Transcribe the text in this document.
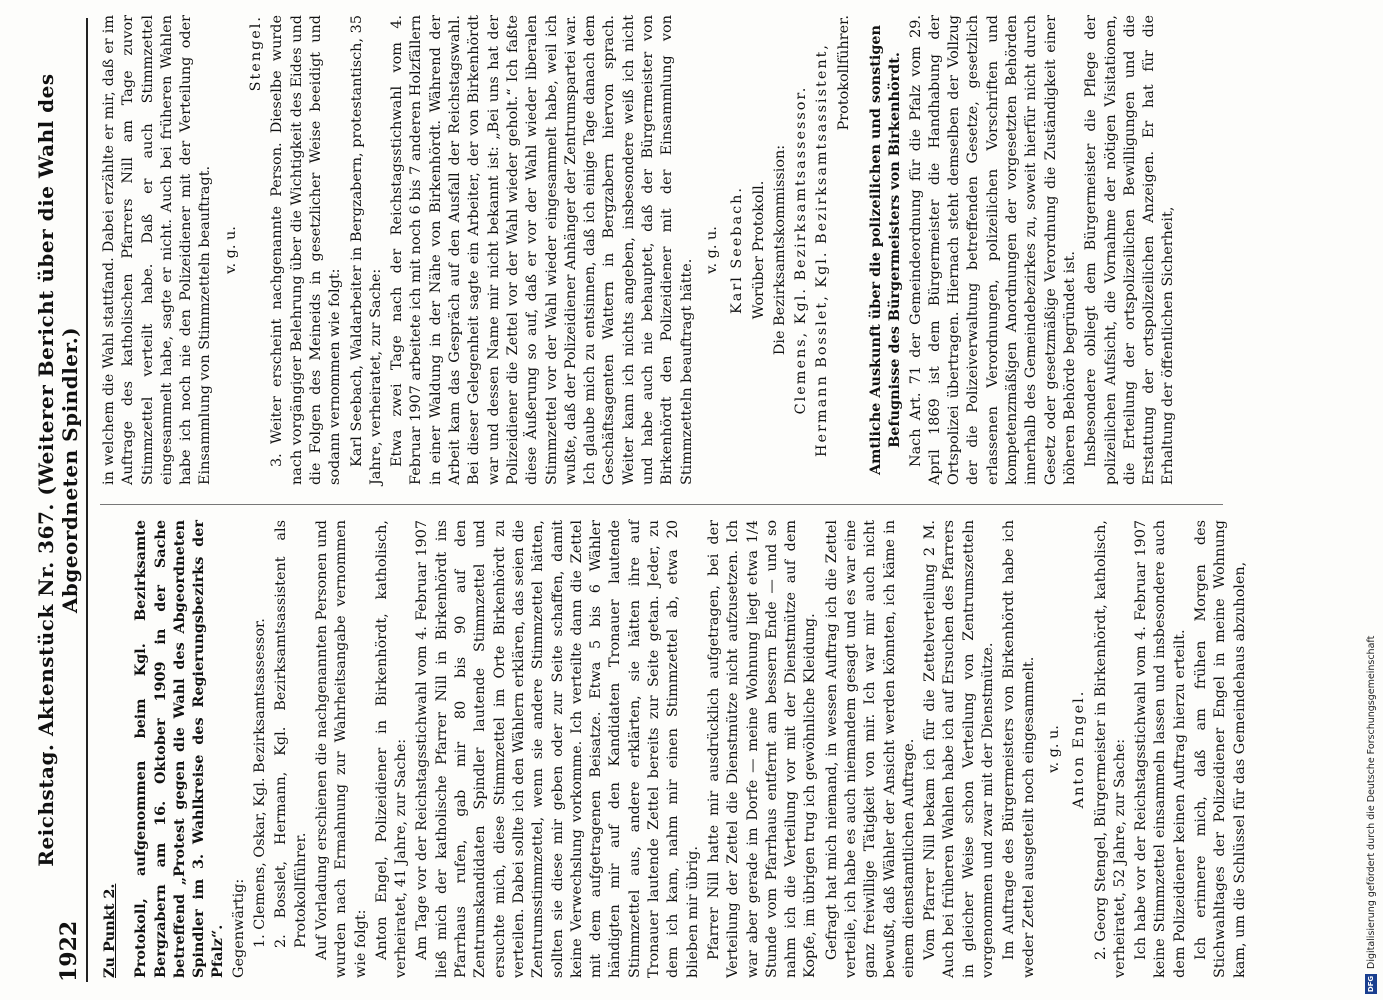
1922
Reichstag. Aktenstück Nr. 367. (Weiterer Bericht über die Wahl des Abgeordneten Spindler.)

Zu Punkt 2. Protokoll, aufgenommen beim Kgl. Bezirksamte Bergzabern am 16. Oktober 1909 in der Sache betreffend „Protest gegen die Wahl des Abgeordneten Spindler im 3. Wahlkreise des Regierungsbezirks der Pfalz“. Gegenwärtig: 1. Clemens, Oskar, Kgl. Bezirksamtsassessor. 2. Bosslet, Hermann, Kgl. Bezirksamtsassistent als Protokollführer. Auf Vorladung erschienen die nachgenannten Personen und wurden nach Ermahnung zur Wahrheitsangabe vernommen wie folgt: Anton Engel, Polizeidiener in Birkenhördt, katholisch, verheiratet, 41 Jahre, zur Sache: Am Tage vor der Reichstagsstichwahl vom 4. Februar 1907 ließ mich der katholische Pfarrer Nill in Birkenhördt ins Pfarrhaus rufen, gab mir 80 bis 90 auf den Zentrumskandidaten Spindler lautende Stimmzettel und ersuchte mich, diese Stimmzettel im Orte Birkenhördt zu verteilen. Dabei sollte ich den Wählern erklären, das seien die Zentrumsstimmzettel, wenn sie andere Stimmzettel hätten, sollten sie diese mir geben oder zur Seite schaffen, damit keine Verwechslung vorkomme. Ich verteilte dann die Zettel mit dem aufgetragenen Beisatze. Etwa 5 bis 6 Wähler händigten mir auf den Kandidaten Tronauer lautende Stimmzettel aus, andere erklärten, sie hätten ihre auf Tronauer lautende Zettel bereits zur Seite getan. Jeder, zu dem ich kam, nahm mir einen Stimmzettel ab, etwa 20 blieben mir übrig. Pfarrer Nill hatte mir ausdrücklich aufgetragen, bei der Verteilung der Zettel die Dienstmütze nicht aufzusetzen. Ich war aber gerade im Dorfe — meine Wohnung liegt etwa 1/4 Stunde vom Pfarrhaus entfernt am bessern Ende — und so nahm ich die Verteilung vor mit der Dienstmütze auf dem Kopfe, im übrigen trug ich gewöhnliche Kleidung. Gefragt hat mich niemand, in wessen Auftrag ich die Zettel verteile, ich habe es auch niemandem gesagt und es war eine ganz freiwillige Tätigkeit von mir. Ich war mir auch nicht bewußt, daß Wähler der Ansicht werden könnten, ich käme in einem dienstamtlichen Auftrage. Vom Pfarrer Nill bekam ich für die Zettelverteilung 2 M. Auch bei früheren Wahlen habe ich auf Ersuchen des Pfarrers in gleicher Weise schon Verteilung von Zentrumszetteln vorgenommen und zwar mit der Dienstmütze. Im Auftrage des Bürgermeisters von Birkenhördt habe ich weder Zettel ausgeteilt noch eingesammelt. v. g. u. Anton Engel. 2. Georg Stengel, Bürgermeister in Birkenhördt, katholisch, verheiratet, 52 Jahre, zur Sache: Ich habe vor der Reichstagsstichwahl vom 4. Februar 1907 keine Stimmzettel einsammeln lassen und insbesondere auch dem Polizeidiener keinen Auftrag hierzu erteilt. Ich erinnere mich, daß am frühen Morgen des Stichwahltages der Polizeidiener Engel in meine Wohnung kam, um die Schlüssel für das Gemeindehaus abzuholen,

in welchem die Wahl stattfand. Dabei erzählte er mir, daß er im Auftrage des katholischen Pfarrers Nill am Tage zuvor Stimmzettel verteilt habe. Daß er auch Stimmzettel eingesammelt habe, sagte er nicht. Auch bei früheren Wahlen habe ich noch nie den Polizeidiener mit der Verteilung oder Einsammlung von Stimmzetteln beauftragt. v. g. u.

Stengel. 3. Weiter erscheint nachgenannte Person. Dieselbe wurde nach vorgängiger Belehrung über die Wichtigkeit des Eides und die Folgen des Meineids in gesetzlicher Weise beeidigt und sodann vernommen wie folgt: Karl Seebach, Waldarbeiter in Bergzabern, protestantisch, 35 Jahre, verheiratet, zur Sache: Etwa zwei Tage nach der Reichstagsstichwahl vom 4. Februar 1907 arbeitete ich mit noch 6 bis 7 anderen Holzfällern in einer Waldung in der Nähe von Birkenhördt. Während der Arbeit kam das Gespräch auf den Ausfall der Reichstagswahl. Bei dieser Gelegenheit sagte ein Arbeiter, der von Birkenhördt war und dessen Name mir nicht bekannt ist: „Bei uns hat der Polizeidiener die Zettel vor der Wahl wieder geholt.“ Ich faßte diese Äußerung so auf, daß er vor der Wahl wieder liberalen Stimmzettel vor der Wahl wieder eingesammelt habe, weil ich wußte, daß der Polizeidiener Anhänger der Zentrumspartei war. Ich glaube mich zu entsinnen, daß ich einige Tage danach dem Geschäftsagenten Wattern in Bergzabern hiervon sprach. Weiter kann ich nichts angeben, insbesondere weiß ich nicht und habe auch nie behauptet, daß der Bürgermeister von Birkenhördt den Polizeidiener mit der Einsammlung von Stimmzetteln beauftragt hätte.

v. g. u. Karl Seebach. Worüber Protokoll. Die Bezirksamtskommission: Clemens, Kgl. Bezirksamtsassessor. Hermann Bosslet, Kgl. Bezirksamtsassistent, Protokollführer. Amtliche Auskunft über die polizeilichen und sonstigen Befugnisse des Bürgermeisters von Birkenhördt. Nach Art. 71 der Gemeindeordnung für die Pfalz vom 29. April 1869 ist dem Bürgermeister die Handhabung der Ortspolizei übertragen. Hiernach steht demselben der Vollzug der die Polizeiverwaltung betreffenden Gesetze, gesetzlich erlassenen Verordnungen, polizeilichen Vorschriften und kompetenzmäßigen Anordnungen der vorgesetzten Behörden innerhalb des Gemeindebezirkes zu, soweit hierfür nicht durch Gesetz oder gesetzmäßige Verordnung die Zuständigkeit einer höheren Behörde begründet ist. Insbesondere obliegt dem Bürgermeister die Pflege der polizeilichen Aufsicht, die Vornahme der nötigen Visitationen, die Erteilung der ortspolizeilichen Bewilligungen und die Erstattung der ortspolizeilichen Anzeigen. Er hat für die Erhaltung der öffentlichen Sicherheit,

DFG
Digitalisierung gefördert durch die Deutsche Forschungsgemeinschaft
